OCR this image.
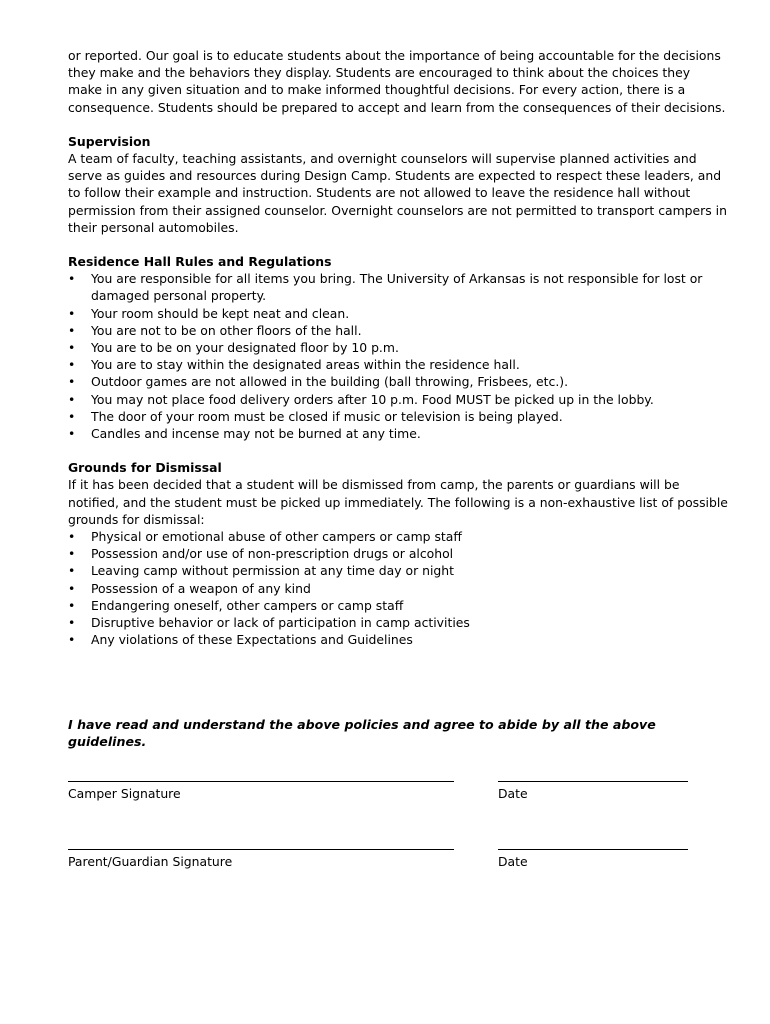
or reported. Our goal is to educate students about the importance of being accountable for the decisions they make and the behaviors they display. Students are encouraged to think about the choices they make in any given situation and to make informed thoughtful decisions. For every action, there is a consequence. Students should be prepared to accept and learn from the consequences of their decisions.

Supervision

A team of faculty, teaching assistants, and overnight counselors will supervise planned activities and serve as guides and resources during Design Camp. Students are expected to respect these leaders, and to follow their example and instruction. Students are not allowed to leave the residence hall without permission from their assigned counselor. Overnight counselors are not permitted to transport campers in their personal automobiles.

Residence Hall Rules and Regulations

• You are responsible for all items you bring. The University of Arkansas is not responsible for lost or damaged personal property.
• Your room should be kept neat and clean.
• You are not to be on other floors of the hall.
• You are to be on your designated floor by 10 p.m.
• You are to stay within the designated areas within the residence hall.
• Outdoor games are not allowed in the building (ball throwing, Frisbees, etc.).
• You may not place food delivery orders after 10 p.m. Food MUST be picked up in the lobby.
• The door of your room must be closed if music or television is being played.
• Candles and incense may not be burned at any time.

Grounds for Dismissal

If it has been decided that a student will be dismissed from camp, the parents or guardians will be notified, and the student must be picked up immediately. The following is a non-exhaustive list of possible grounds for dismissal:

• Physical or emotional abuse of other campers or camp staff
• Possession and/or use of non-prescription drugs or alcohol
• Leaving camp without permission at any time day or night
• Possession of a weapon of any kind
• Endangering oneself, other campers or camp staff
• Disruptive behavior or lack of participation in camp activities
• Any violations of these Expectations and Guidelines

I have read and understand the above policies and agree to abide by all the above guidelines.

Camper Signature	Date
Parent/Guardian Signature	Date
